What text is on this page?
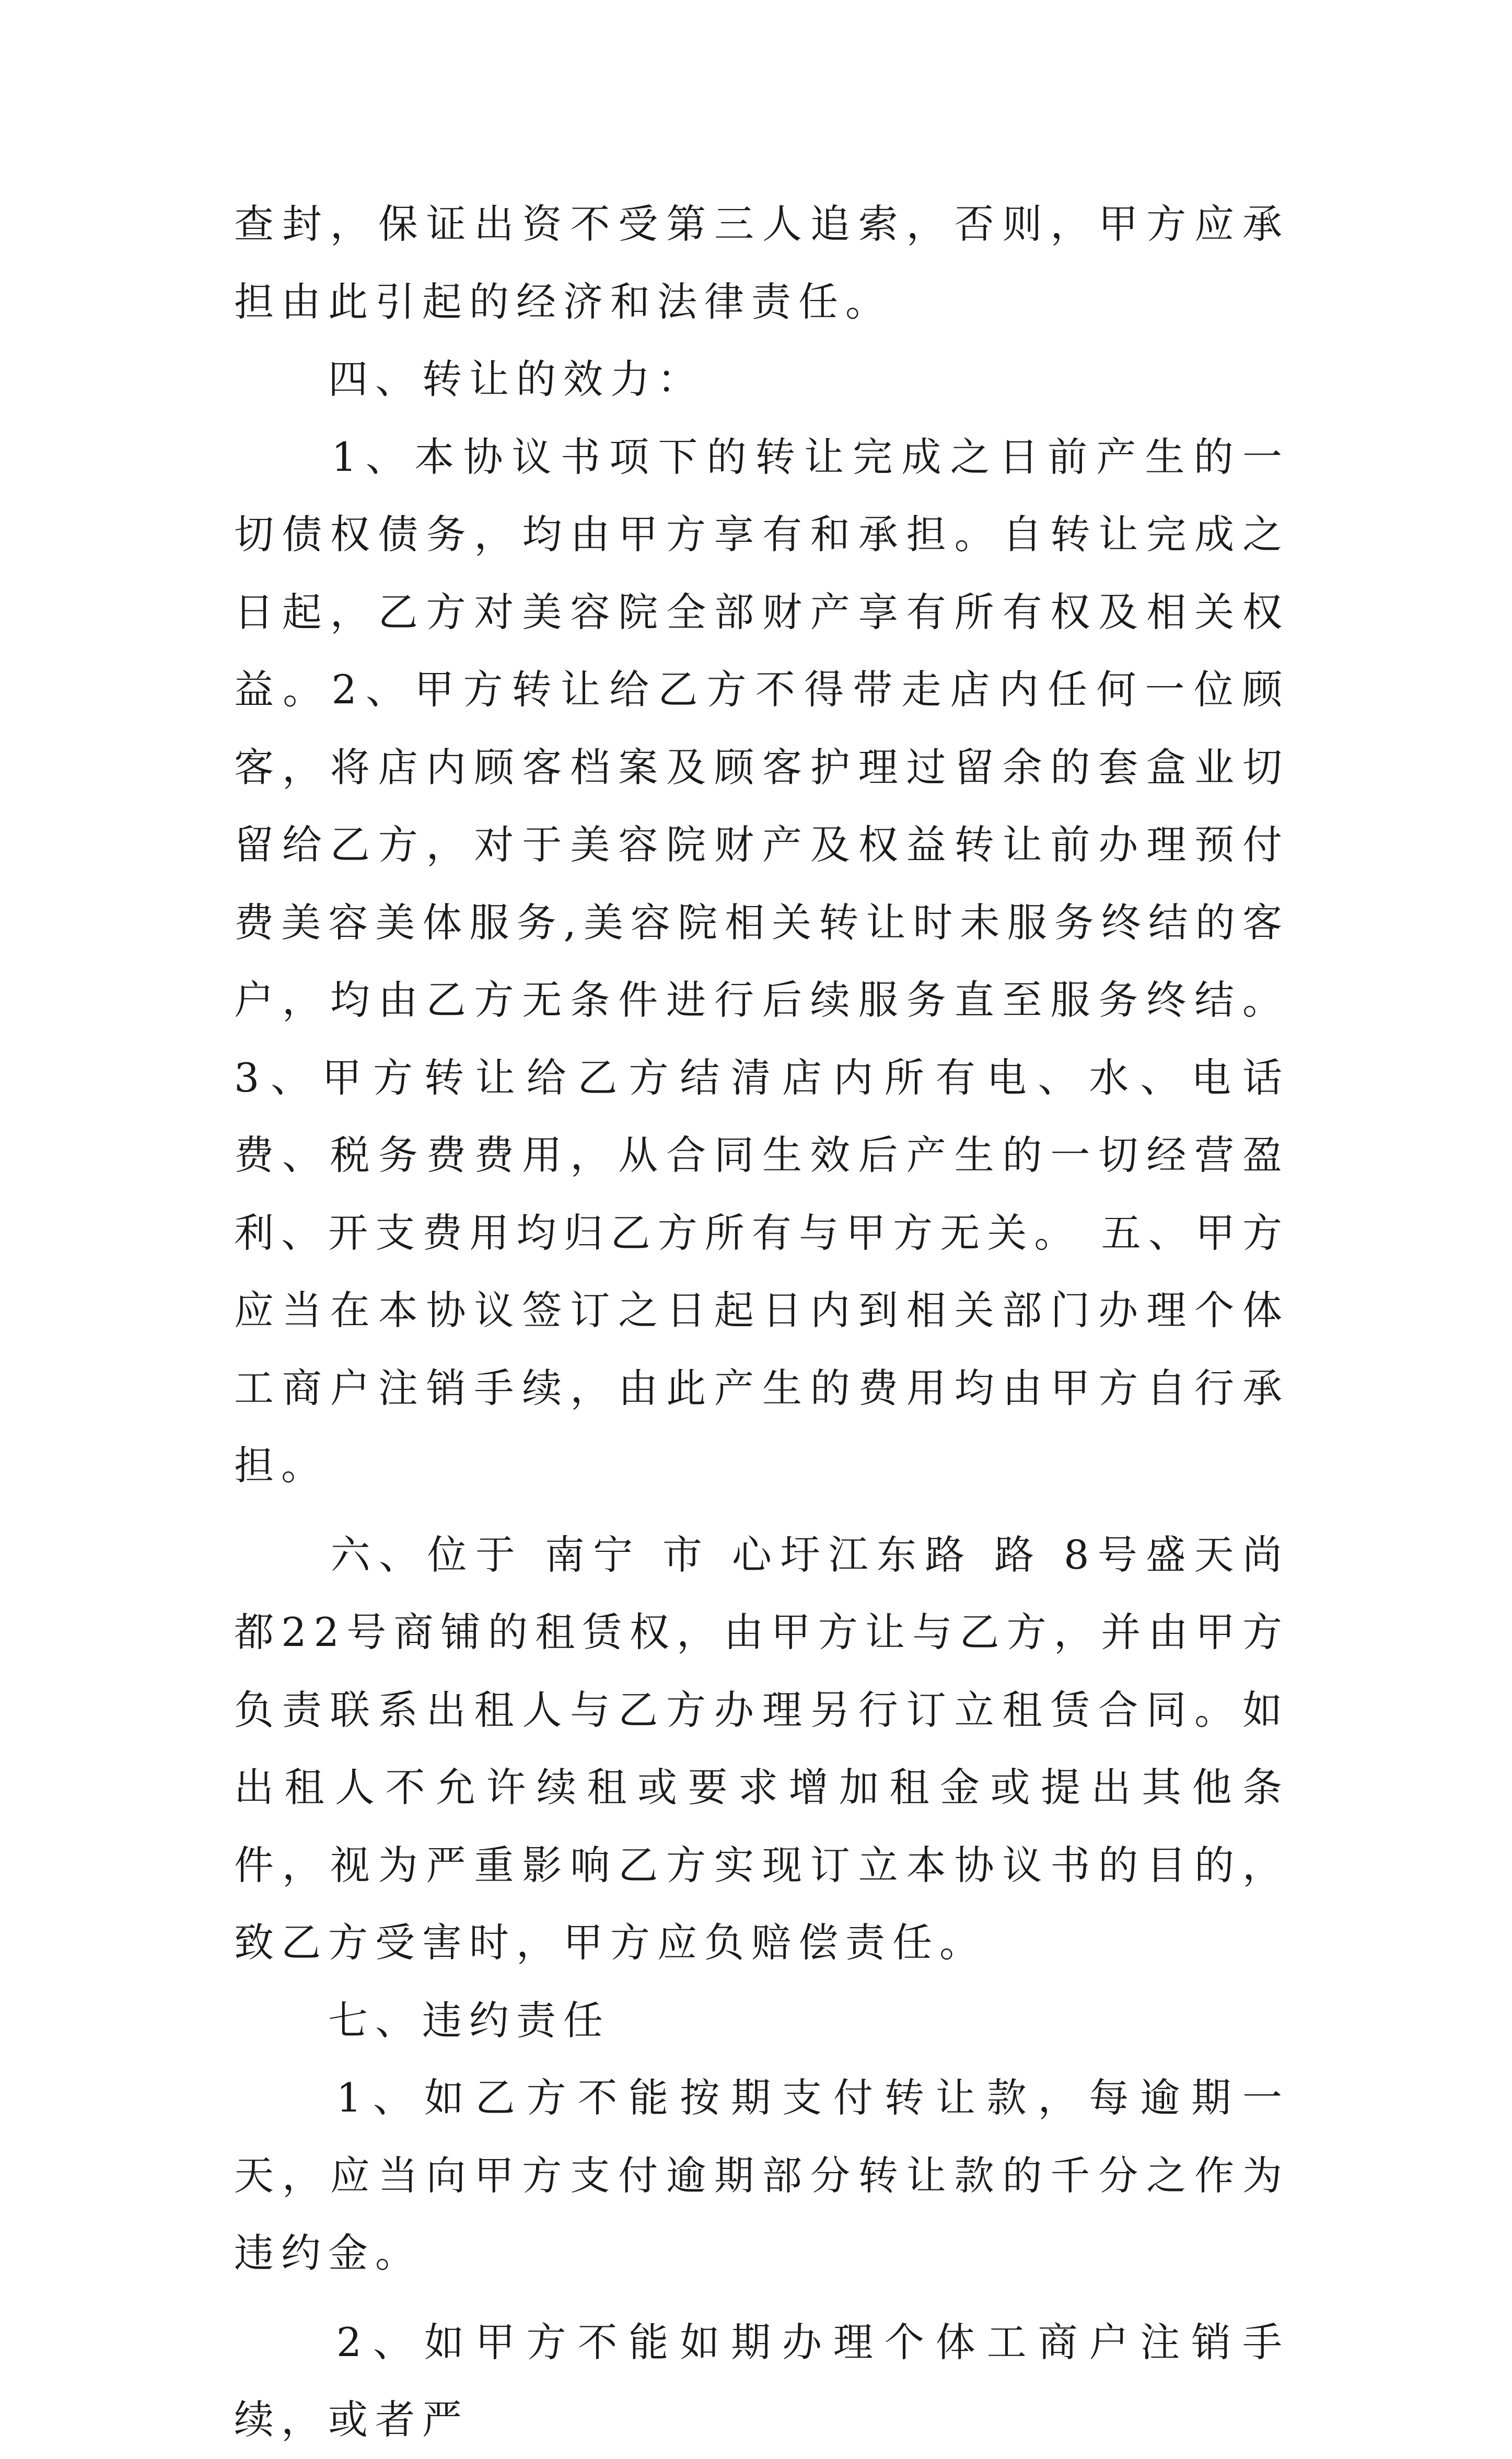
查封，保证出资不受第三人追索，否则，甲方应承担由此引起的经济和法律责任。

　　四、转让的效力：

　　1、本协议书项下的转让完成之日前产生的一切债权债务，均由甲方享有和承担。自转让完成之日起，乙方对美容院全部财产享有所有权及相关权益。2、甲方转让给乙方不得带走店内任何一位顾客，将店内顾客档案及顾客护理过留余的套盒业切留给乙方，对于美容院财产及权益转让前办理预付费美容美体服务,美容院相关转让时未服务终结的客户，均由乙方无条件进行后续服务直至服务终结。3、甲方转让给乙方结清店内所有电、水、电话费、税务费费用，从合同生效后产生的一切经营盈利、开支费用均归乙方所有与甲方无关。 五、甲方应当在本协议签订之日起日内到相关部门办理个体工商户注销手续，由此产生的费用均由甲方自行承担。

　　六、位于 南宁 市 心圩江东路 路 8号盛天尚都22号商铺的租赁权，由甲方让与乙方，并由甲方负责联系出租人与乙方办理另行订立租赁合同。如出租人不允许续租或要求增加租金或提出其他条件，视为严重影响乙方实现订立本协议书的目的，致乙方受害时，甲方应负赔偿责任。

　　七、违约责任

　　1、如乙方不能按期支付转让款，每逾期一天，应当向甲方支付逾期部分转让款的千分之作为违约金。

　　2、如甲方不能如期办理个体工商户注销手续，或者严
